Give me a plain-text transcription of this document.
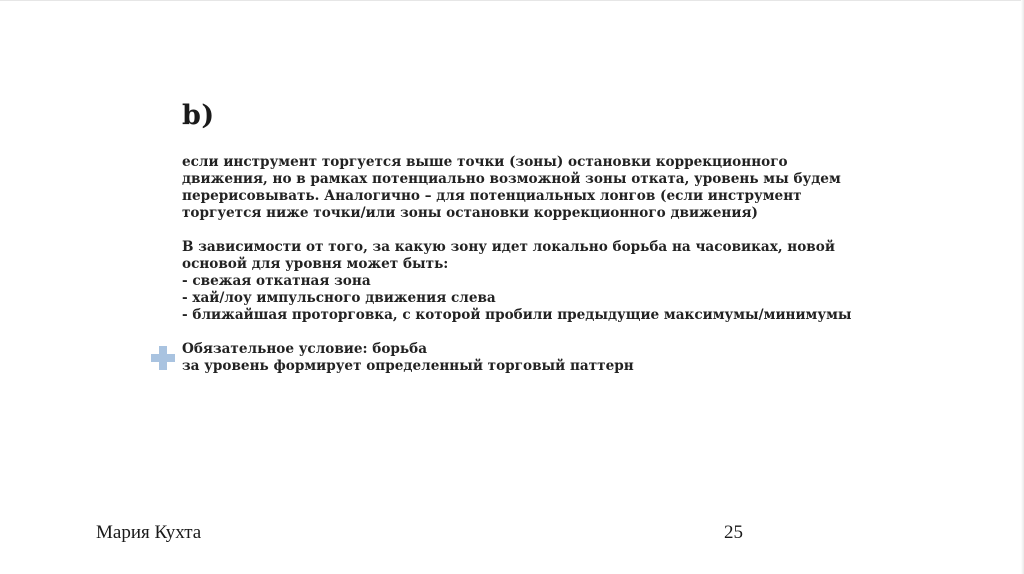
b)

если инструмент торгуется выше точки (зоны) остановки коррекционного
движения, но в рамках потенциально возможной зоны отката, уровень мы будем
перерисовывать. Аналогично – для потенциальных лонгов (если инструмент
торгуется ниже точки/или зоны остановки коррекционного движения)

В зависимости от того, за какую зону идет локально борьба на часовиках, новой
основой для уровня может быть:

- свежая откатная зона
- хай/лоу импульсного движения слева
- ближайшая проторговка, с которой пробили предыдущие максимумы/минимумы
Обязательное условие: борьба
за уровень формирует определенный торговый паттерн
Мария Кухта	25
